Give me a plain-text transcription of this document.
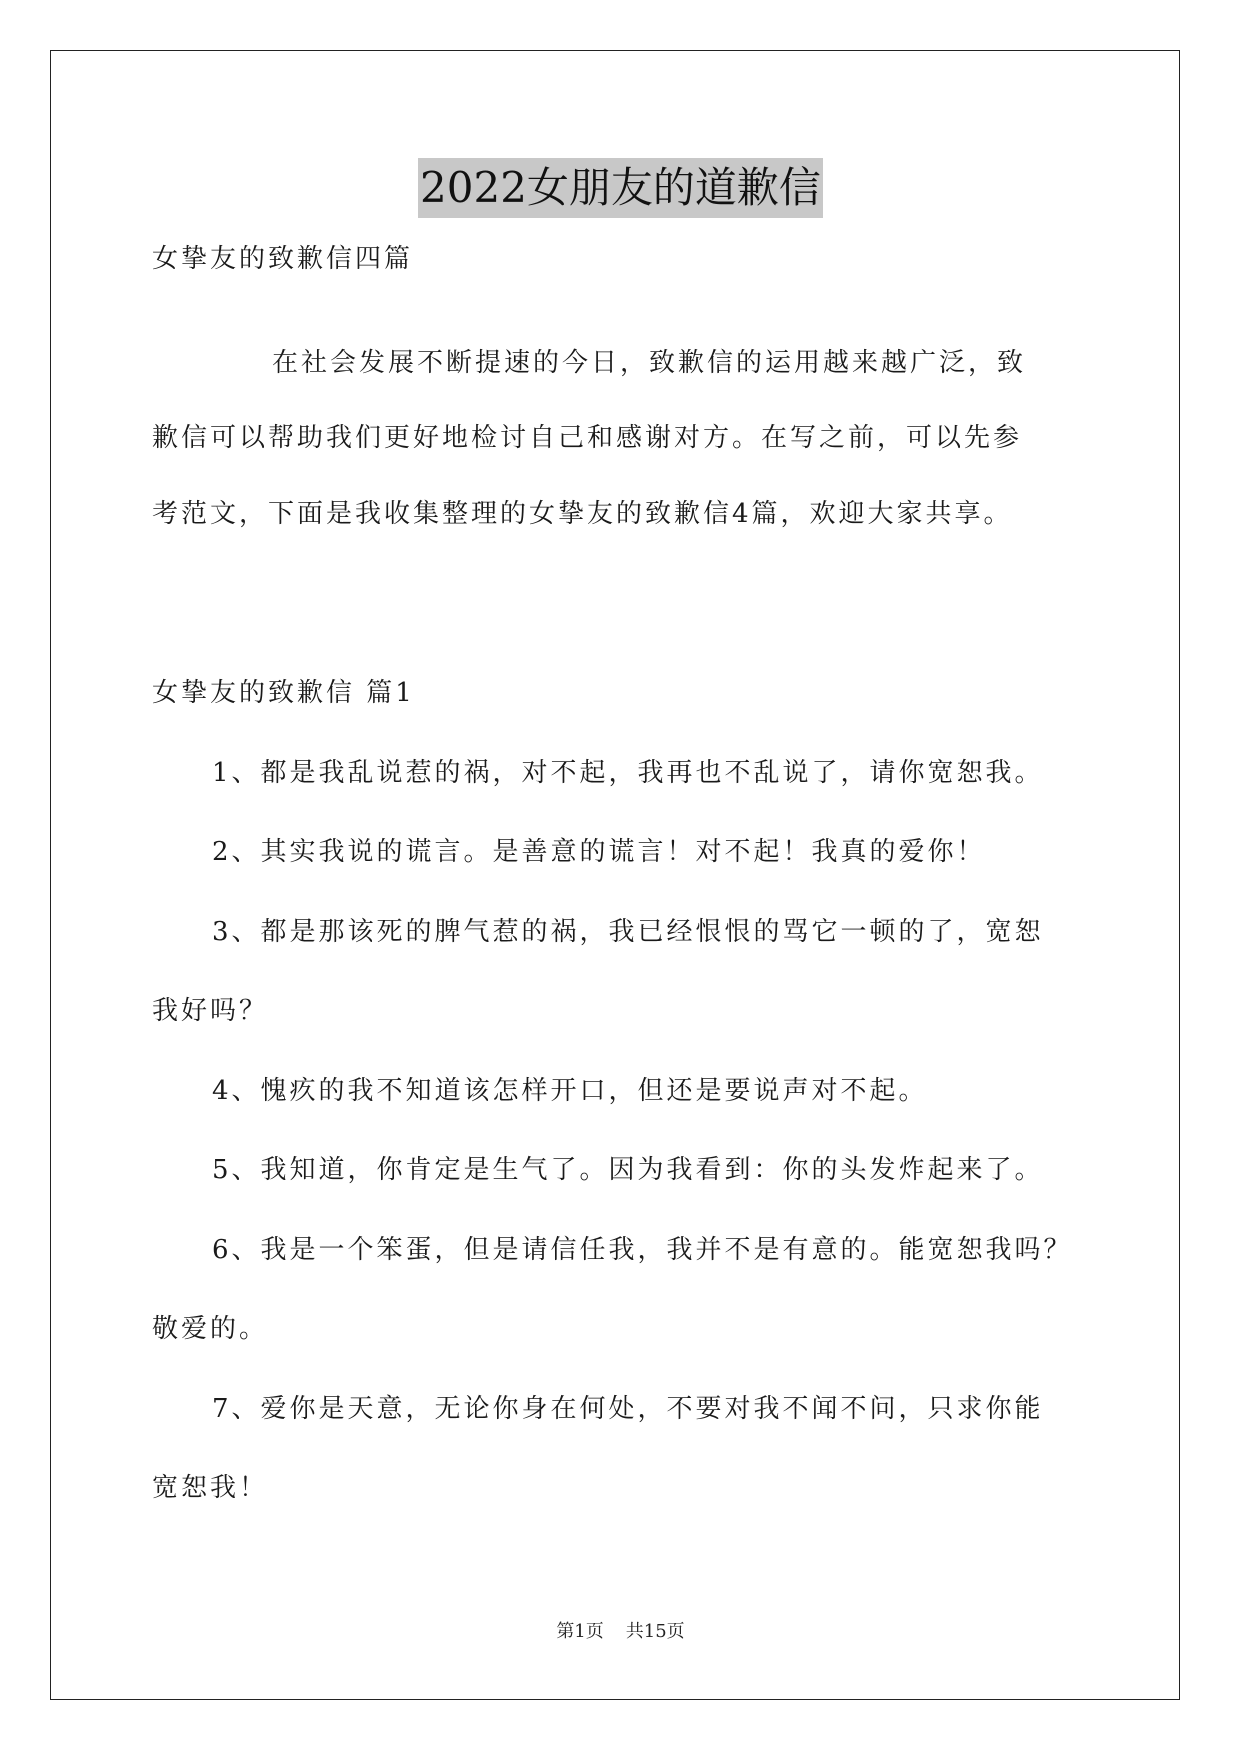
2022女朋友的道歉信
女挚友的致歉信四篇
在社会发展不断提速的今日，致歉信的运用越来越广泛，致
歉信可以帮助我们更好地检讨自己和感谢对方。在写之前，可以先参
考范文，下面是我收集整理的女挚友的致歉信4篇，欢迎大家共享。
女挚友的致歉信 篇1
1、都是我乱说惹的祸，对不起，我再也不乱说了，请你宽恕我。
2、其实我说的谎言。是善意的谎言！对不起！我真的爱你！
3、都是那该死的脾气惹的祸，我已经恨恨的骂它一顿的了，宽恕
我好吗？
4、愧疚的我不知道该怎样开口，但还是要说声对不起。
5、我知道，你肯定是生气了。因为我看到：你的头发炸起来了。
6、我是一个笨蛋，但是请信任我，我并不是有意的。能宽恕我吗？
敬爱的。
7、爱你是天意，无论你身在何处，不要对我不闻不问，只求你能
宽恕我！
第1页 共15页
